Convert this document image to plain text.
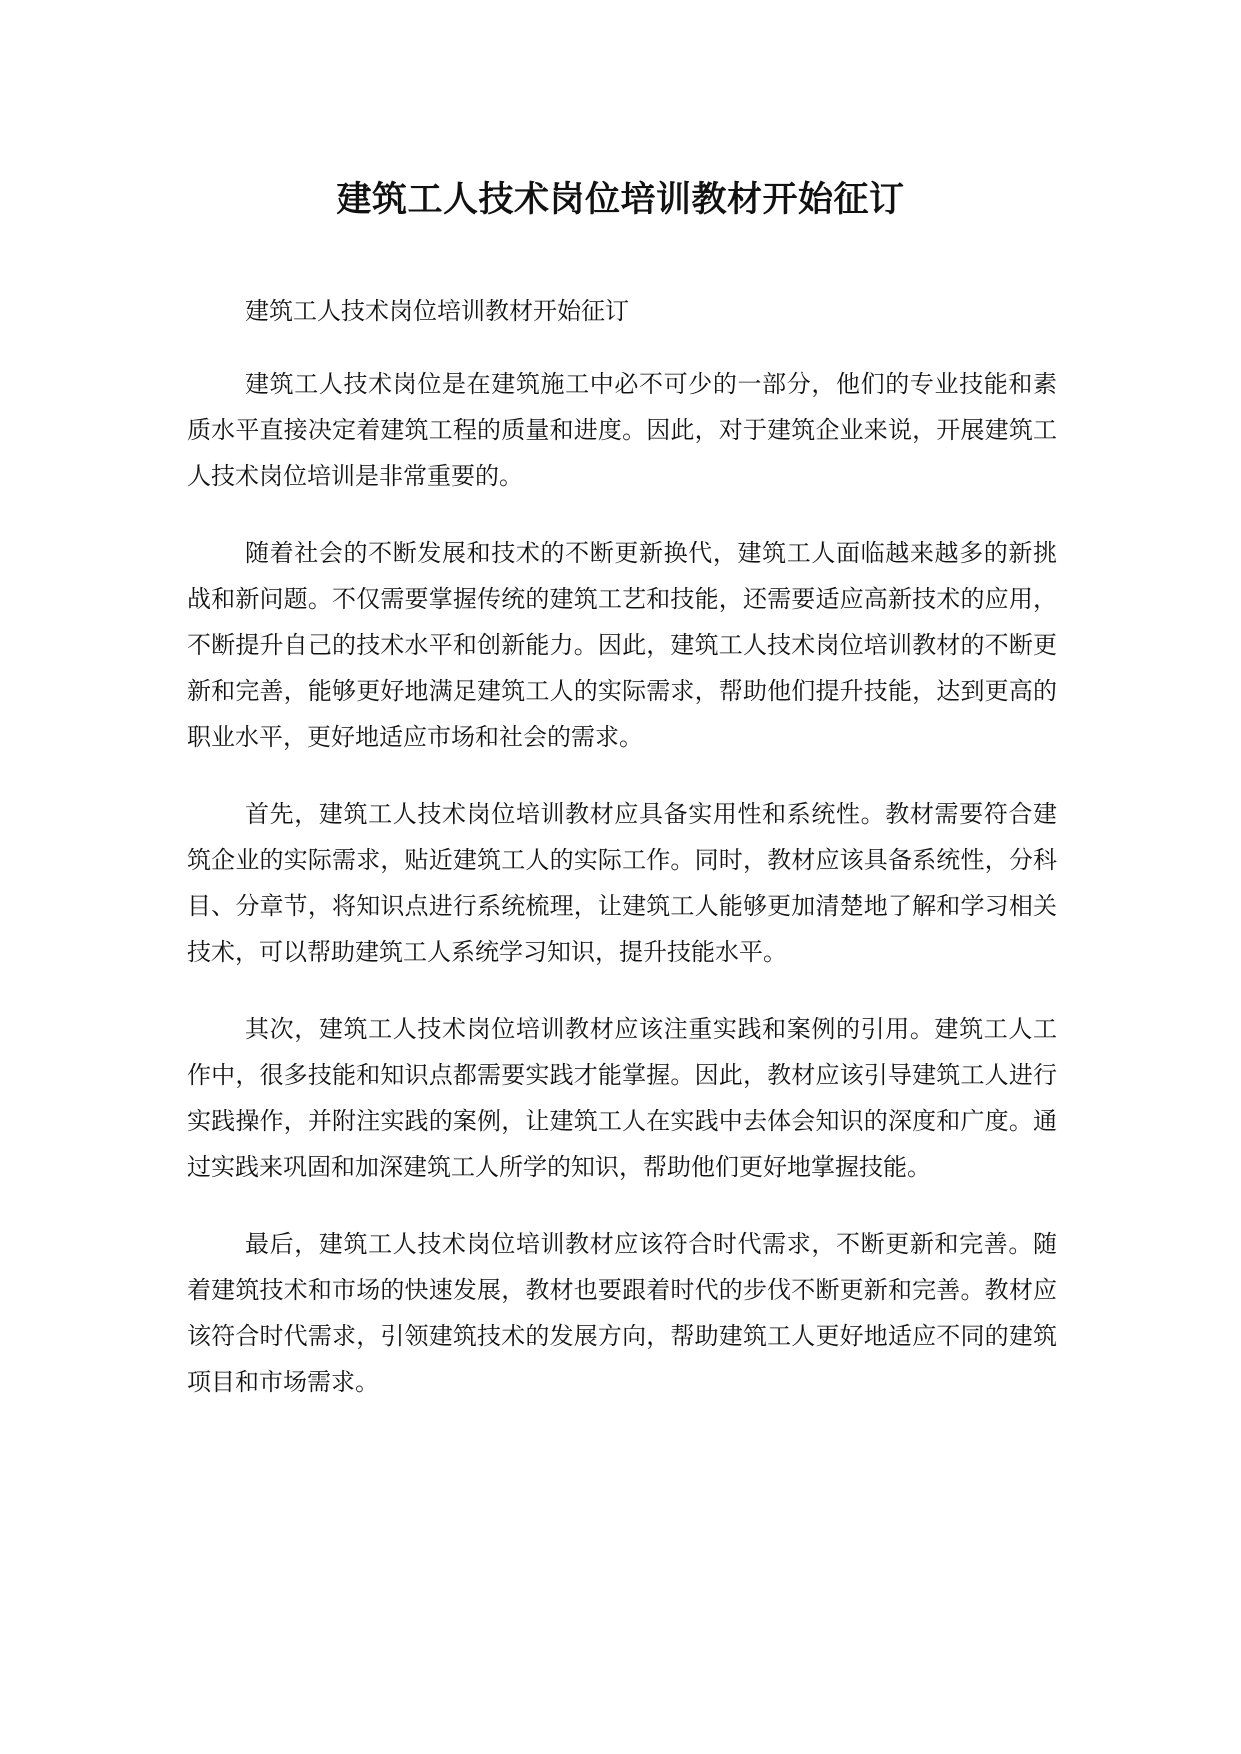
建筑工人技术岗位培训教材开始征订

建筑工人技术岗位培训教材开始征订

建筑工人技术岗位是在建筑施工中必不可少的一部分，他们的专业技能和素质水平直接决定着建筑工程的质量和进度。因此，对于建筑企业来说，开展建筑工人技术岗位培训是非常重要的。

随着社会的不断发展和技术的不断更新换代，建筑工人面临越来越多的新挑战和新问题。不仅需要掌握传统的建筑工艺和技能，还需要适应高新技术的应用，不断提升自己的技术水平和创新能力。因此，建筑工人技术岗位培训教材的不断更新和完善，能够更好地满足建筑工人的实际需求，帮助他们提升技能，达到更高的职业水平，更好地适应市场和社会的需求。

首先，建筑工人技术岗位培训教材应具备实用性和系统性。教材需要符合建筑企业的实际需求，贴近建筑工人的实际工作。同时，教材应该具备系统性，分科目、分章节，将知识点进行系统梳理，让建筑工人能够更加清楚地了解和学习相关技术，可以帮助建筑工人系统学习知识，提升技能水平。

其次，建筑工人技术岗位培训教材应该注重实践和案例的引用。建筑工人工作中，很多技能和知识点都需要实践才能掌握。因此，教材应该引导建筑工人进行实践操作，并附注实践的案例，让建筑工人在实践中去体会知识的深度和广度。通过实践来巩固和加深建筑工人所学的知识，帮助他们更好地掌握技能。

最后，建筑工人技术岗位培训教材应该符合时代需求，不断更新和完善。随着建筑技术和市场的快速发展，教材也要跟着时代的步伐不断更新和完善。教材应该符合时代需求，引领建筑技术的发展方向，帮助建筑工人更好地适应不同的建筑项目和市场需求。
